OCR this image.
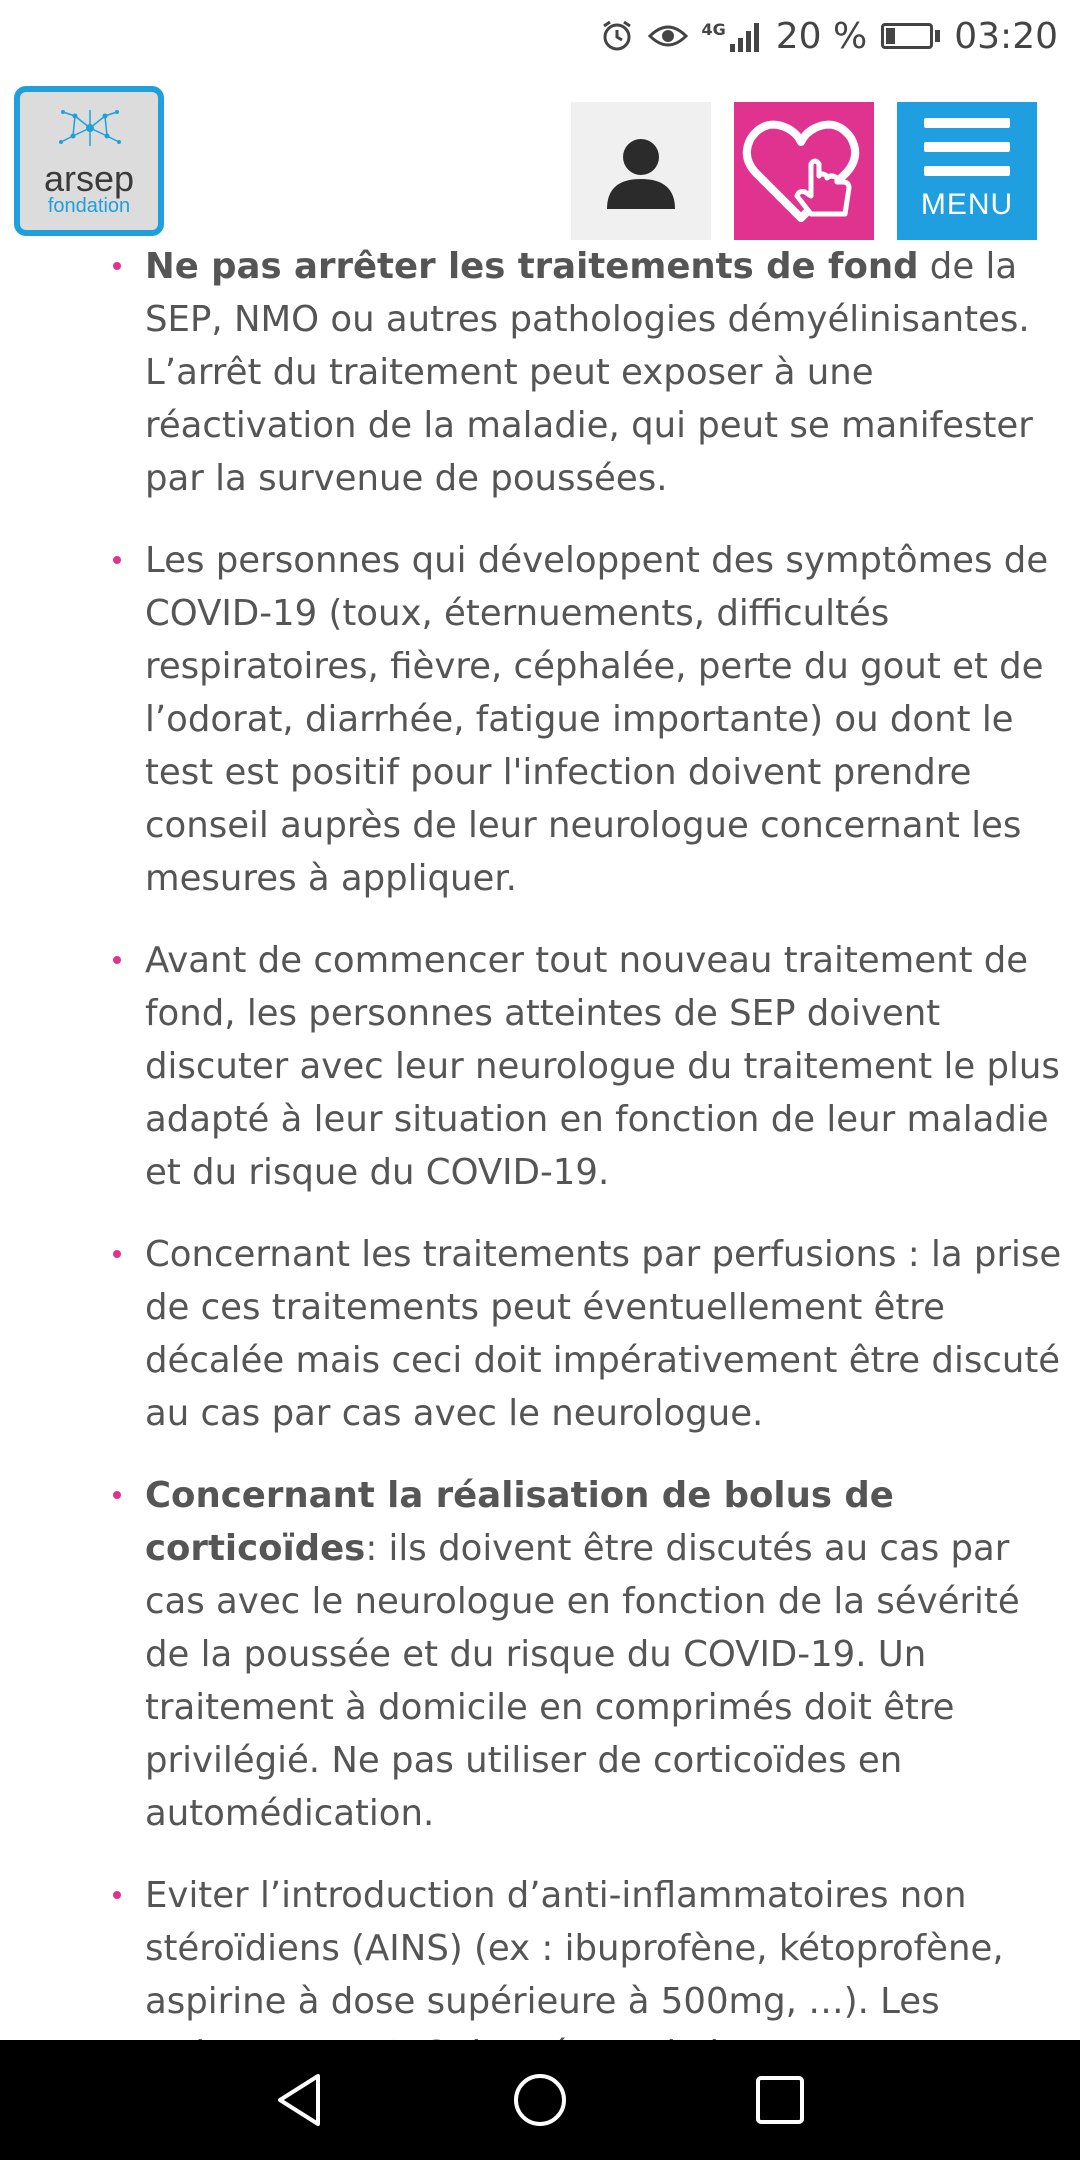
4G 20 % 03:20
arsep
fondation	MENU
Ne pas arrêter les traitements de fond de la SEP, NMO ou autres pathologies démyélinisantes. L’arrêt du traitement peut exposer à une réactivation de la maladie, qui peut se manifester par la survenue de poussées.
Les personnes qui développent des symptômes de COVID-19 (toux, éternuements, difficultés respiratoires, fièvre, céphalée, perte du gout et de l’odorat, diarrhée, fatigue importante) ou dont le test est positif pour l'infection doivent prendre conseil auprès de leur neurologue concernant les mesures à appliquer.
Avant de commencer tout nouveau traitement de fond, les personnes atteintes de SEP doivent discuter avec leur neurologue du traitement le plus adapté à leur situation en fonction de leur maladie et du risque du COVID-19.
Concernant les traitements par perfusions : la prise de ces traitements peut éventuellement être décalée mais ceci doit impérativement être discuté au cas par cas avec le neurologue.
Concernant la réalisation de bolus de corticoïdes: ils doivent être discutés au cas par cas avec le neurologue en fonction de la sévérité de la poussée et du risque du COVID-19. Un traitement à domicile en comprimés doit être privilégié. Ne pas utiliser de corticoïdes en automédication.
Eviter l’introduction d’anti-inflammatoires non stéroïdiens (AINS) (ex : ibuprofène, kétoprofène, aspirine à dose supérieure à 500mg, …). Les
